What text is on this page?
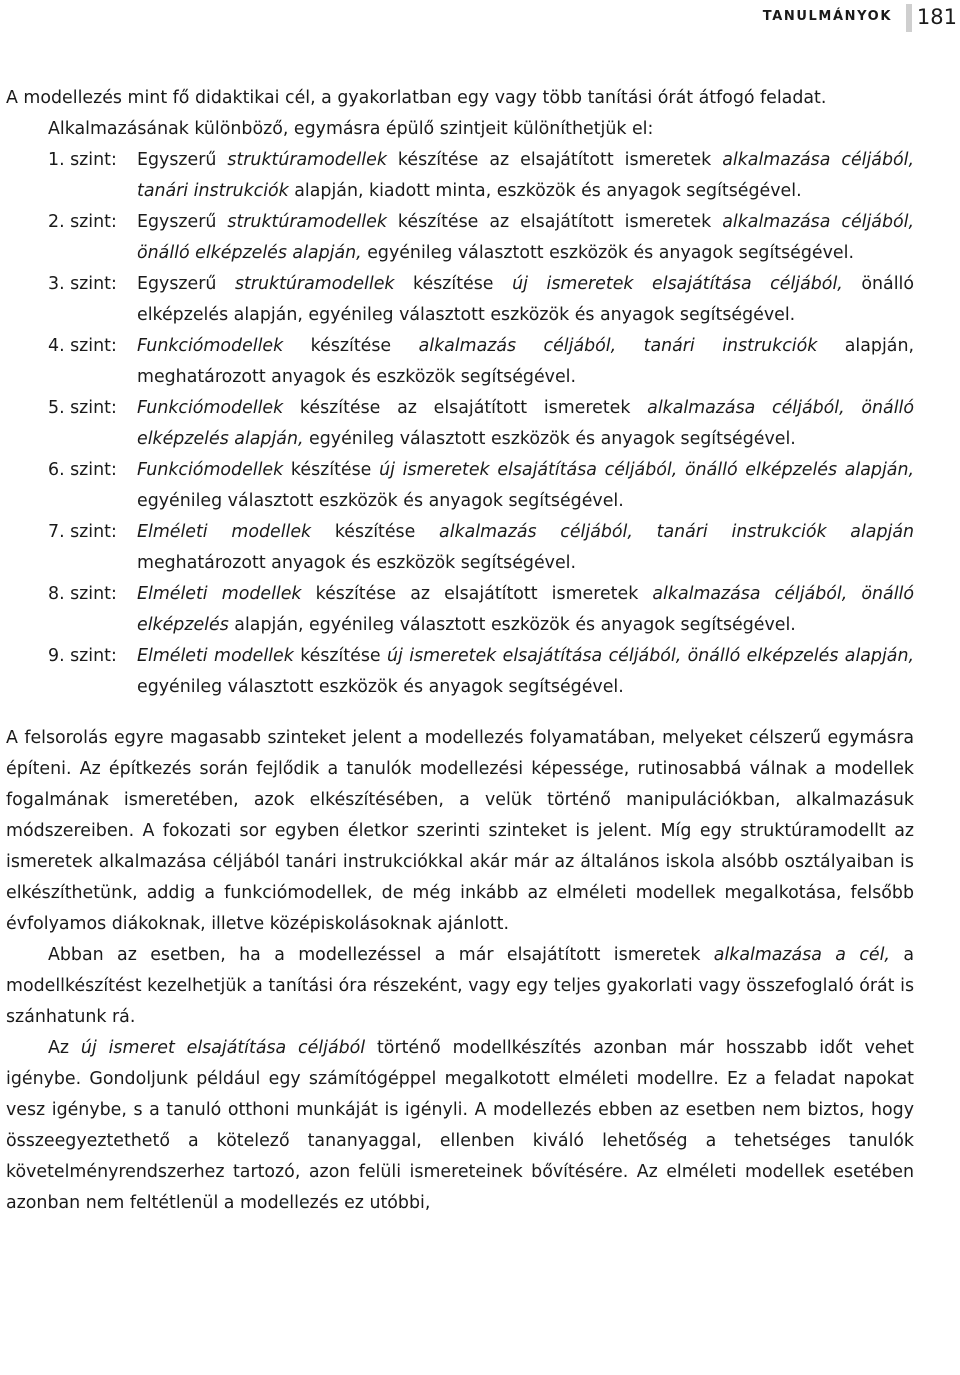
TANULMÁNYOK 181

A modellezés mint fő didaktikai cél, a gyakorlatban egy vagy több tanítási órát átfogó feladat.

Alkalmazásának különböző, egymásra épülő szintjeit különíthetjük el:

1. szint: Egyszerű struktúramodellek készítése az elsajátított ismeretek alkalmazása céljából, tanári instrukciók alapján, kiadott minta, eszközök és anyagok segítségével.
2. szint: Egyszerű struktúramodellek készítése az elsajátított ismeretek alkalmazása céljából, önálló elképzelés alapján, egyénileg választott eszközök és anyagok segítségével.
3. szint: Egyszerű struktúramodellek készítése új ismeretek elsajátítása céljából, önálló elképzelés alapján, egyénileg választott eszközök és anyagok segítségével.
4. szint: Funkciómodellek készítése alkalmazás céljából, tanári instrukciók alapján, meghatározott anyagok és eszközök segítségével.
5. szint: Funkciómodellek készítése az elsajátított ismeretek alkalmazása céljából, önálló elképzelés alapján, egyénileg választott eszközök és anyagok segítségével.
6. szint: Funkciómodellek készítése új ismeretek elsajátítása céljából, önálló elképzelés alapján, egyénileg választott eszközök és anyagok segítségével.
7. szint: Elméleti modellek készítése alkalmazás céljából, tanári instrukciók alapján meghatározott anyagok és eszközök segítségével.
8. szint: Elméleti modellek készítése az elsajátított ismeretek alkalmazása céljából, önálló elképzelés alapján, egyénileg választott eszközök és anyagok segítségével.
9. szint: Elméleti modellek készítése új ismeretek elsajátítása céljából, önálló elképzelés alapján, egyénileg választott eszközök és anyagok segítségével.

A felsorolás egyre magasabb szinteket jelent a modellezés folyamatában, melyeket célszerű egymásra építeni. Az építkezés során fejlődik a tanulók modellezési képessége, rutinosabbá válnak a modellek fogalmának ismeretében, azok elkészítésében, a velük történő manipulációkban, alkalmazásuk módszereiben. A fokozati sor egyben életkor szerinti szinteket is jelent. Míg egy struktúramodellt az ismeretek alkalmazása céljából tanári instrukciókkal akár már az általános iskola alsóbb osztályaiban is elkészíthetünk, addig a funkciómodellek, de még inkább az elméleti modellek megalkotása, felsőbb évfolyamos diákoknak, illetve középiskolásoknak ajánlott.

Abban az esetben, ha a modellezéssel a már elsajátított ismeretek alkalmazása a cél, a modellkészítést kezelhetjük a tanítási óra részeként, vagy egy teljes gyakorlati vagy összefoglaló órát is szánhatunk rá.

Az új ismeret elsajátítása céljából történő modellkészítés azonban már hosszabb időt vehet igénybe. Gondoljunk például egy számítógéppel megalkotott elméleti modellre. Ez a feladat napokat vesz igénybe, s a tanuló otthoni munkáját is igényli. A modellezés ebben az esetben nem biztos, hogy összeegyeztethető a kötelező tananyaggal, ellenben kiváló lehetőség a tehetséges tanulók követelményrendszerhez tartozó, azon felüli ismereteinek bővítésére. Az elméleti modellek esetében azonban nem feltétlenül a modellezés ez utóbbi,
